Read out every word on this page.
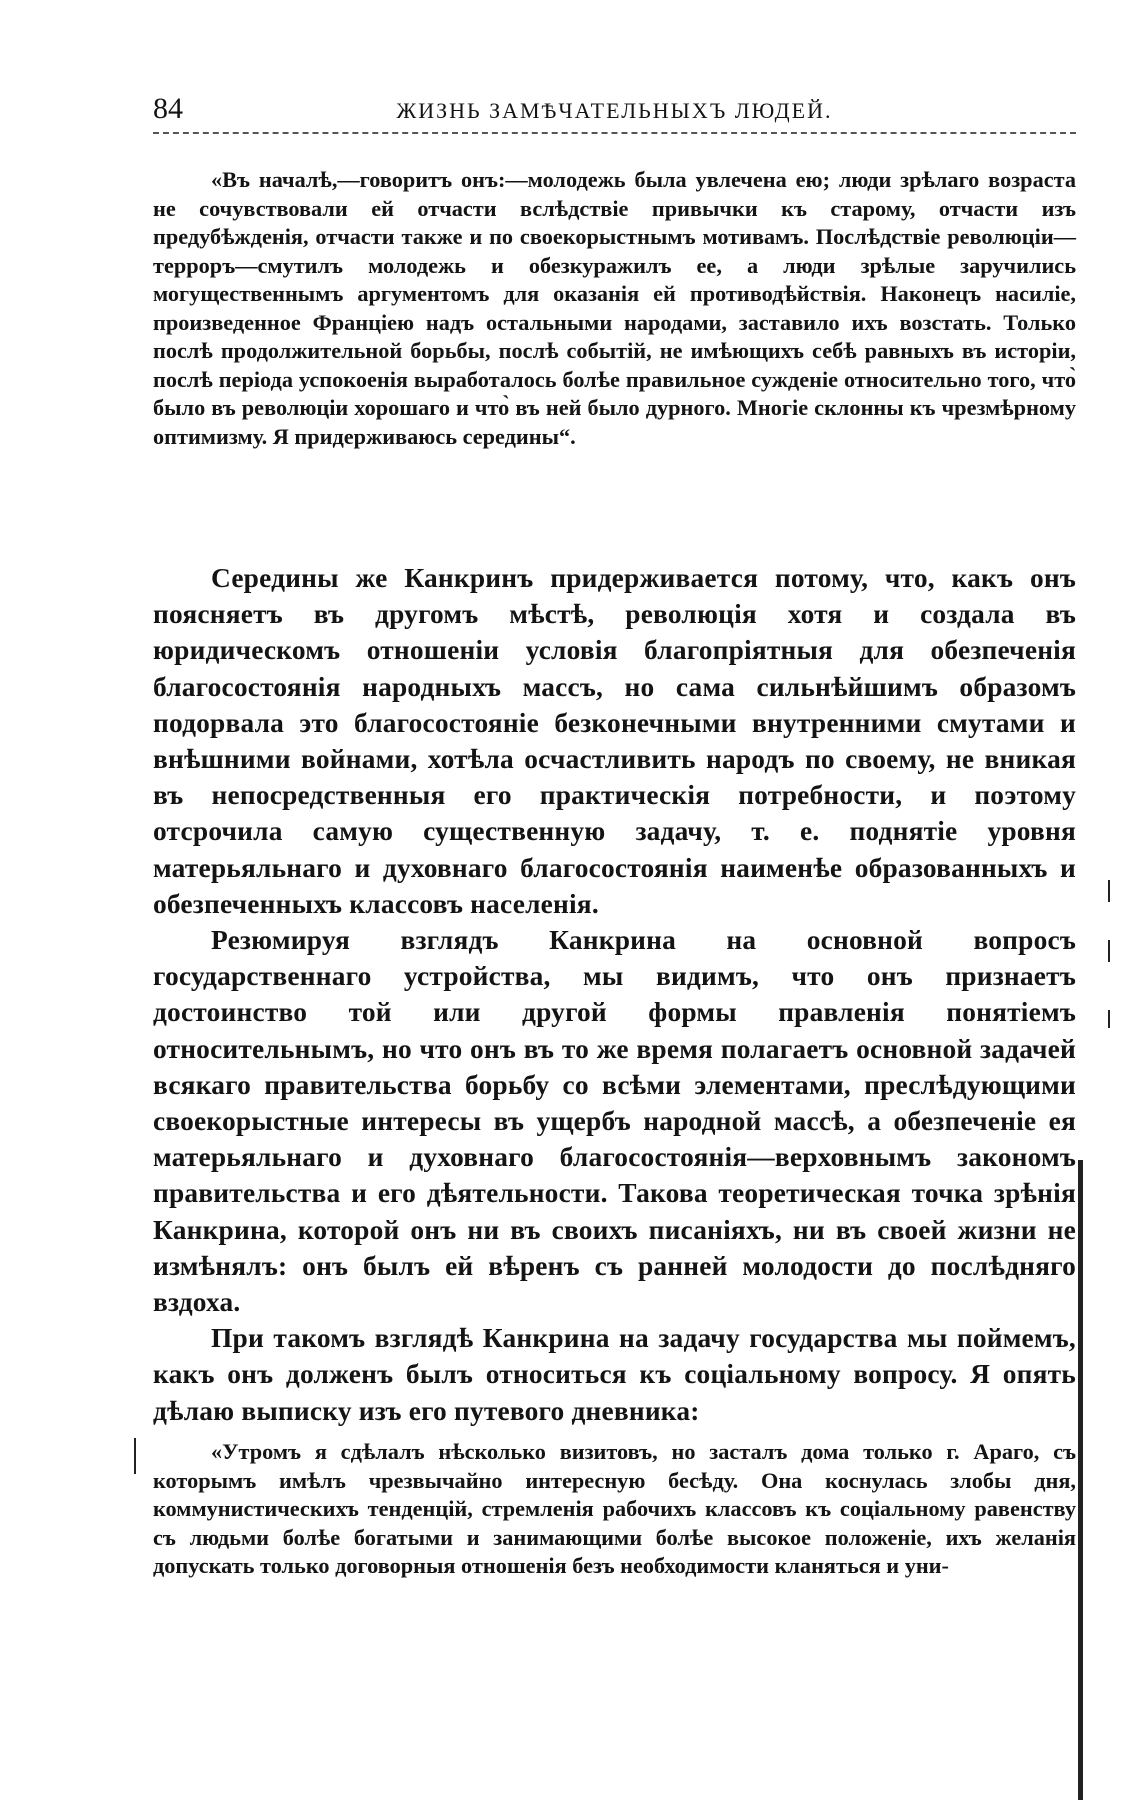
84	ЖИЗНЬ ЗАМѢЧАТЕЛЬНЫХЪ ЛЮДЕЙ.

«Въ началѣ,—говоритъ онъ:—молодежь была увлечена ею; люди зрѣлаго возраста не сочувствовали ей отчасти вслѣдствіе привычки къ старому, отчасти изъ предубѣжденія, отчасти также и по своекорыстнымъ мотивамъ. Послѣдствіе революціи—терроръ—смутилъ молодежь и обезкуражилъ ее, а люди зрѣлые заручились могущественнымъ аргументомъ для оказанія ей противодѣйствія. Наконецъ насиліе, произведенное Франціею надъ остальными народами, заставило ихъ возстать. Только послѣ продолжительной борьбы, послѣ событій, не имѣющихъ себѣ равныхъ въ исторіи, послѣ періода успокоенія выработалось болѣе правильное сужденіе относительно того, что̀ было въ революціи хорошаго и что̀ въ ней было дурного. Многіе склонны къ чрезмѣрному оптимизму. Я придерживаюсь середины“.

Середины же Канкринъ придерживается потому, что, какъ онъ поясняетъ въ другомъ мѣстѣ, революція хотя и создала въ юридическомъ отношеніи условія благопріятныя для обезпеченія благосостоянія народныхъ массъ, но сама сильнѣйшимъ образомъ подорвала это благосостояніе безконечными внутренними смутами и внѣшними войнами, хотѣла осчастливить народъ по своему, не вникая въ непосредственныя его практическія потребности, и поэтому отсрочила самую существенную задачу, т. е. поднятіе уровня матерьяльнаго и духовнаго благосостоянія наименѣе образованныхъ и обезпеченныхъ классовъ населенія.

Резюмируя взглядъ Канкрина на основной вопросъ государственнаго устройства, мы видимъ, что онъ признаетъ достоинство той или другой формы правленія понятіемъ относительнымъ, но что онъ въ то же время полагаетъ основной задачей всякаго правительства борьбу со всѣми элементами, преслѣдующими своекорыстные интересы въ ущербъ народной массѣ, а обезпеченіе ея матерьяльнаго и духовнаго благосостоянія—верховнымъ закономъ правительства и его дѣятельности. Такова теоретическая точка зрѣнія Канкрина, которой онъ ни въ своихъ писаніяхъ, ни въ своей жизни не измѣнялъ: онъ былъ ей вѣренъ съ ранней молодости до послѣдняго вздоха.

При такомъ взглядѣ Канкрина на задачу государства мы поймемъ, какъ онъ долженъ былъ относиться къ соціальному вопросу. Я опять дѣлаю выписку изъ его путевого дневника:

«Утромъ я сдѣлалъ нѣсколько визитовъ, но засталъ дома только г. Араго, съ которымъ имѣлъ чрезвычайно интересную бесѣду. Она коснулась злобы дня, коммунистическихъ тенденцій, стремленія рабочихъ классовъ къ соціальному равенству съ людьми болѣе богатыми и занимающими болѣе высокое положеніе, ихъ желанія допускать только договорныя отношенія безъ необходимости кланяться и уни-
